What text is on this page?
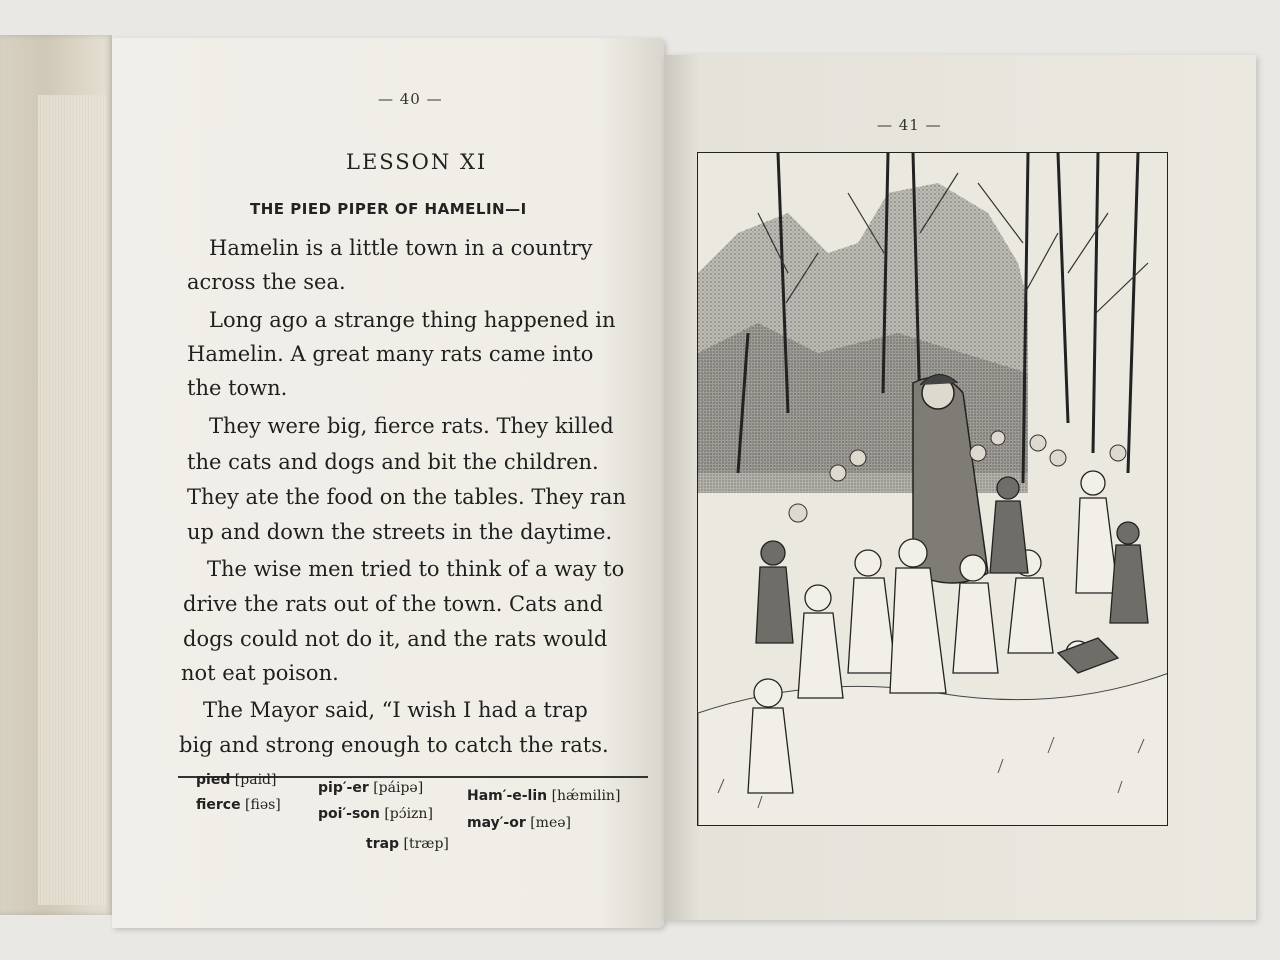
— 40 —
LESSON XI
THE PIED PIPER OF HAMELIN—I
Hamelin is a little town in a country
across the sea.
Long ago a strange thing happened in
Hamelin. A great many rats came into
the town.
They were big, fierce rats. They killed
the cats and dogs and bit the children.
They ate the food on the tables. They ran
up and down the streets in the daytime.
The wise men tried to think of a way to
drive the rats out of the town. Cats and
dogs could not do it, and the rats would
not eat poison.
The Mayor said, “I wish I had a trap
big and strong enough to catch the rats.
pied [paid]
fierce [fiəs]
pip′-er [páipə]
poi′-son [pɔ́izn]
trap [træp]
Ham′-e-lin [hǽmilin]
may′-or [meə]
— 41 —
